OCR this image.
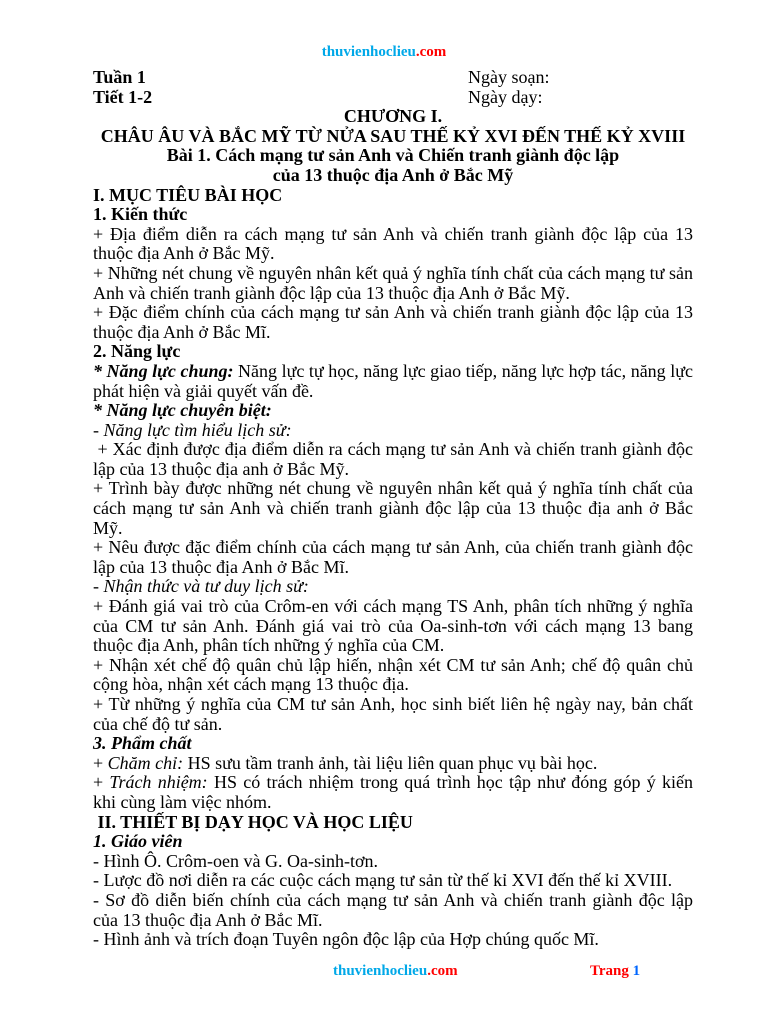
thuvienhoclieu.com
Tuần 1	Ngày soạn:
Tiết 1-2	Ngày dạy:
CHƯƠNG I.
CHÂU ÂU VÀ BẮC MỸ TỪ NỬA SAU THẾ KỶ XVI ĐẾN THẾ KỶ XVIII
Bài 1. Cách mạng tư sản Anh và Chiến tranh giành độc lập
của 13 thuộc địa Anh ở Bắc Mỹ
I. MỤC TIÊU BÀI HỌC
1. Kiến thức
+ Địa điểm diễn ra cách mạng tư sản Anh và chiến tranh giành độc lập của 13
thuộc địa Anh ở Bắc Mỹ.
+ Những nét chung về nguyên nhân kết quả ý nghĩa tính chất của cách mạng tư sản
Anh và chiến tranh giành độc lập của 13 thuộc địa Anh ở Bắc Mỹ.
+ Đặc điểm chính của cách mạng tư sản Anh và chiến tranh giành độc lập của 13
thuộc địa Anh ở Bắc Mĩ.
2. Năng lực
* Năng lực chung: Năng lực tự học, năng lực giao tiếp, năng lực hợp tác, năng lực
phát hiện và giải quyết vấn đề.
* Năng lực chuyên biệt:
- Năng lực tìm hiểu lịch sử:
+ Xác định được địa điểm diễn ra cách mạng tư sản Anh và chiến tranh giành độc
lập của 13 thuộc địa anh ở Bắc Mỹ.
+ Trình bày được những nét chung về nguyên nhân kết quả ý nghĩa tính chất của
cách mạng tư sản Anh và chiến tranh giành độc lập của 13 thuộc địa anh ở Bắc
Mỹ.
+ Nêu được đặc điểm chính của cách mạng tư sản Anh, của chiến tranh giành độc
lập của 13 thuộc địa Anh ở Bắc Mĩ.
- Nhận thức và tư duy lịch sử:
+ Đánh giá vai trò của Crôm-en với cách mạng TS Anh, phân tích những ý nghĩa
của CM tư sản Anh. Đánh giá vai trò của Oa-sinh-tơn với cách mạng 13 bang
thuộc địa Anh, phân tích những ý nghĩa của CM.
+ Nhận xét chế độ quân chủ lập hiến, nhận xét CM tư sản Anh; chế độ quân chủ
cộng hòa, nhận xét cách mạng 13 thuộc địa.
+ Từ những ý nghĩa của CM tư sản Anh, học sinh biết liên hệ ngày nay, bản chất
của chế độ tư sản.
3. Phẩm chất
+ Chăm chỉ: HS sưu tầm tranh ảnh, tài liệu liên quan phục vụ bài học.
+ Trách nhiệm: HS có trách nhiệm trong quá trình học tập như đóng góp ý kiến
khi cùng làm việc nhóm.
II. THIẾT BỊ DẠY HỌC VÀ HỌC LIỆU
1. Giáo viên
- Hình Ô. Crôm-oen và G. Oa-sinh-tơn.
- Lược đồ nơi diễn ra các cuộc cách mạng tư sản từ thế kỉ XVI đến thế kỉ XVIII.
- Sơ đồ diễn biến chính của cách mạng tư sản Anh và chiến tranh giành độc lập
của 13 thuộc địa Anh ở Bắc Mĩ.
- Hình ảnh và trích đoạn Tuyên ngôn độc lập của Hợp chúng quốc Mĩ.
thuvienhoclieu.com	Trang 1
